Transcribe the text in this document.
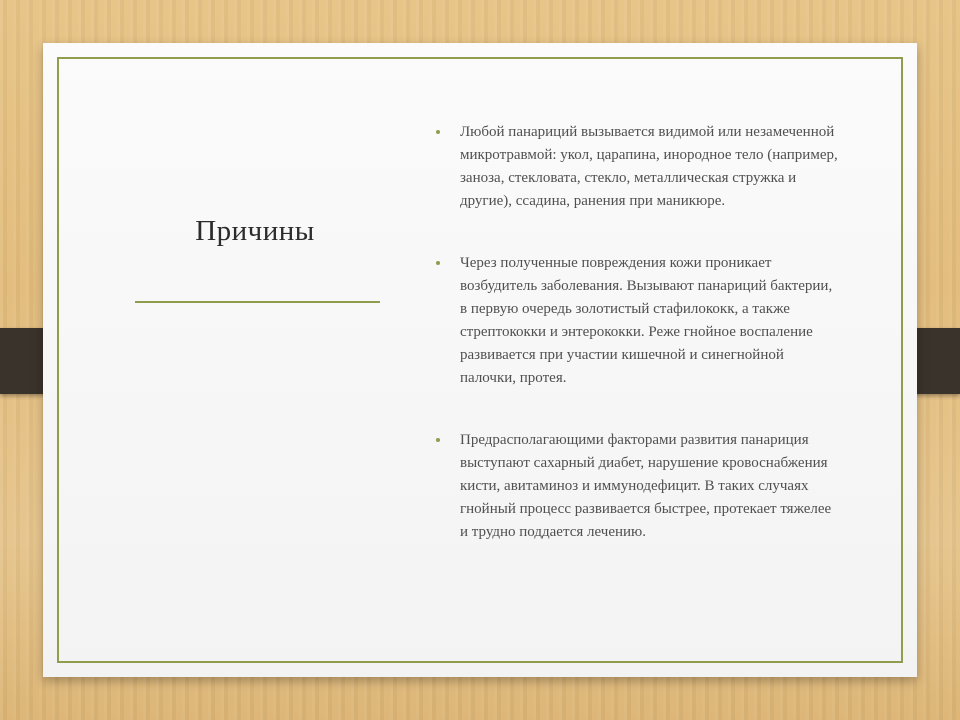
Причины
Любой панариций вызывается видимой или незамеченной микротравмой: укол, царапина, инородное тело (например, заноза, стекловата, стекло, металлическая стружка и другие), ссадина, ранения при маникюре.
Через полученные повреждения кожи проникает возбудитель заболевания. Вызывают панариций бактерии, в первую очередь золотистый стафилококк, а также стрептококки и энтерококки. Реже гнойное воспаление развивается при участии кишечной и синегнойной палочки, протея.
Предрасполагающими факторами развития панариция выступают сахарный диабет, нарушение кровоснабжения кисти, авитаминоз и иммунодефицит. В таких случаях гнойный процесс развивается быстрее, протекает тяжелее и трудно поддается лечению.
